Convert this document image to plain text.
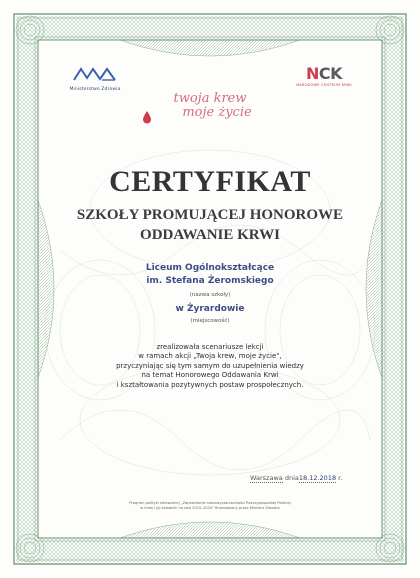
Ministerstwo Zdrowia
NCK
NARODOWE CENTRUM KRWI
twoja krew
moje życie
CERTYFIKAT
SZKOŁY PROMUJĄCEJ HONOROWE
ODDAWANIE KRWI
Liceum Ogólnokształcące
im. Stefana Żeromskiego
(nazwa szkoły)
w Żyrardowie
(miejscowość)
zrealizowała scenariusze lekcji
w ramach akcji „Twoja krew, moje życie",
przyczyniając się tym samym do uzupełnienia wiedzy
na temat Honorowego Oddawania Krwi
i kształtowania pozytywnych postaw prospołecznych.
Warszawa dnia18.12.2018 r.
Program polityki zdrowotnej „Zapewnienie samowystarczalności Rzeczypospolitej Polskiej
w krew i jej składniki na lata 2015–2020" finansowany przez Ministra Zdrowia
